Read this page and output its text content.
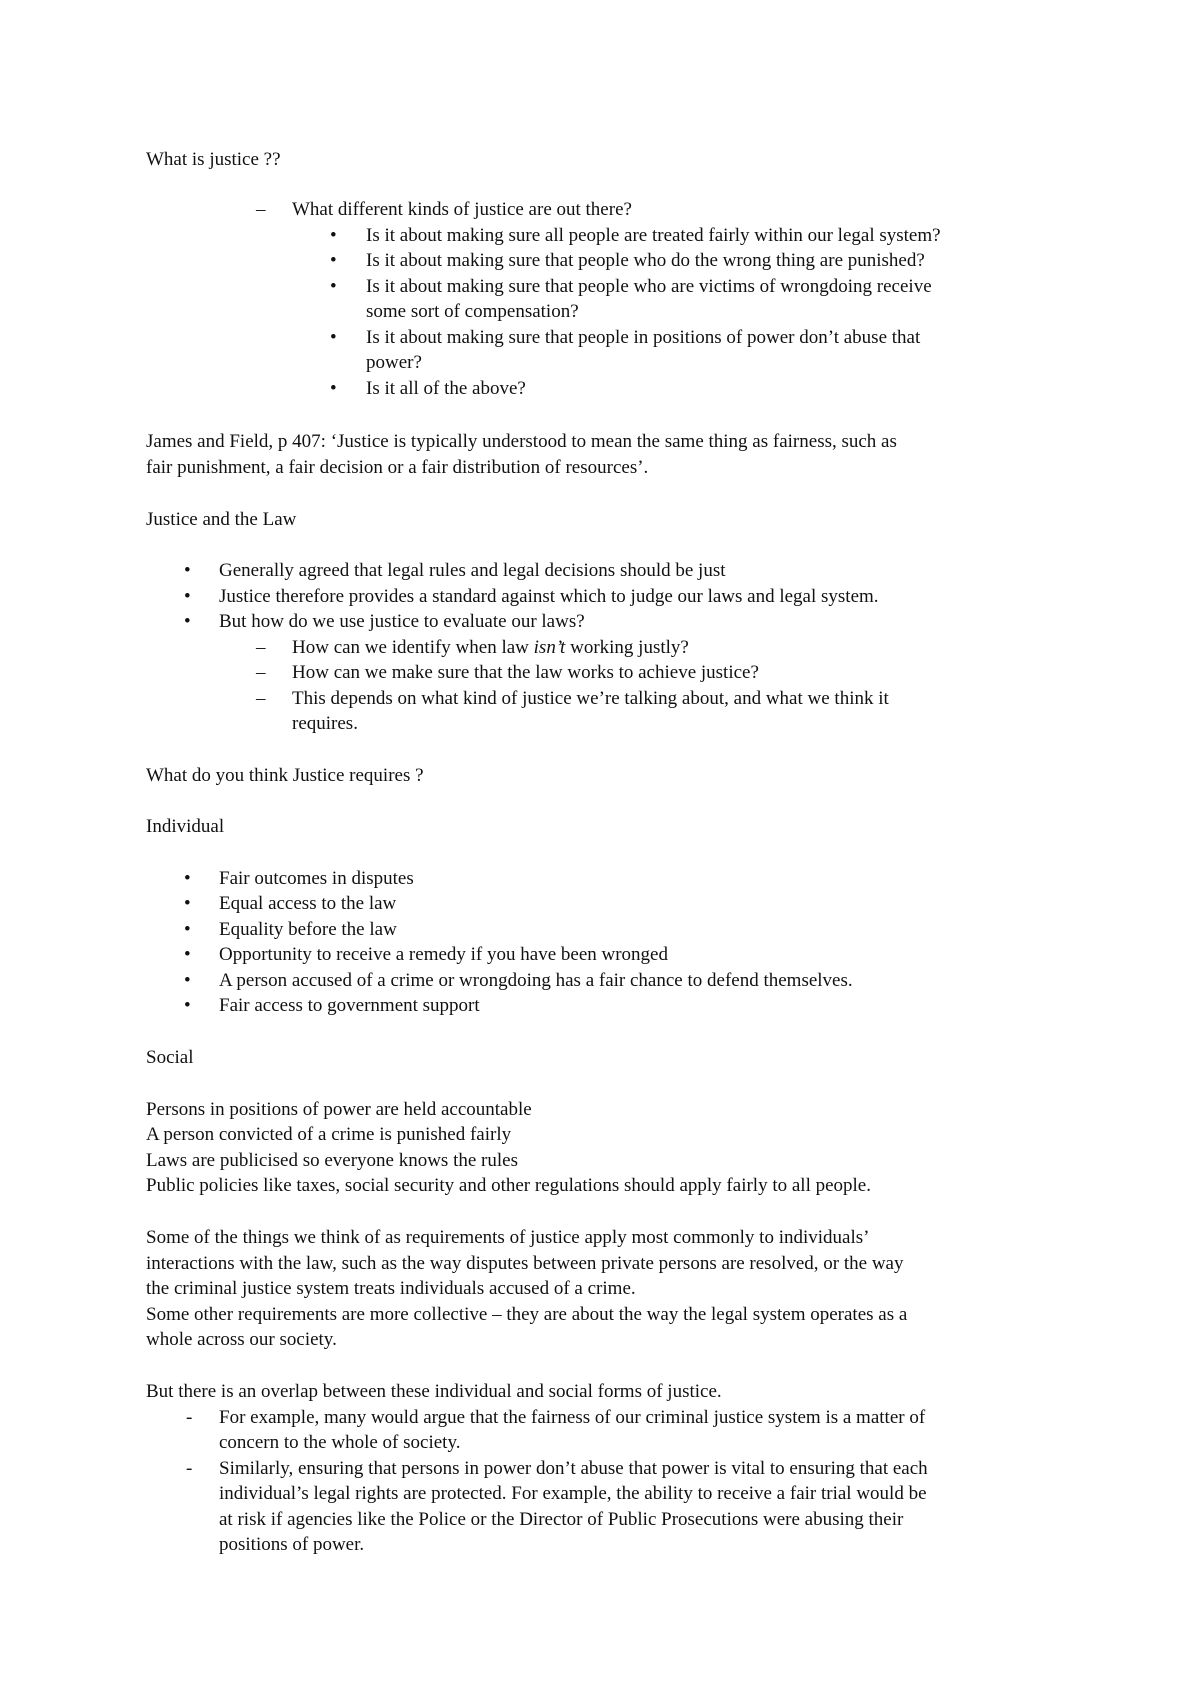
What is justice ??
– What different kinds of justice are out there?
• Is it about making sure all people are treated fairly within our legal system?
• Is it about making sure that people who do the wrong thing are punished?
• Is it about making sure that people who are victims of wrongdoing receive
some sort of compensation?
• Is it about making sure that people in positions of power don’t abuse that
power?
• Is it all of the above?
James and Field, p 407: ‘Justice is typically understood to mean the same thing as fairness, such as
fair punishment, a fair decision or a fair distribution of resources’.
Justice and the Law
• Generally agreed that legal rules and legal decisions should be just
• Justice therefore provides a standard against which to judge our laws and legal system.
• But how do we use justice to evaluate our laws?
– How can we identify when law isn’t working justly?
– How can we make sure that the law works to achieve justice?
– This depends on what kind of justice we’re talking about, and what we think it
requires.
What do you think Justice requires ?
Individual
• Fair outcomes in disputes
• Equal access to the law
• Equality before the law
• Opportunity to receive a remedy if you have been wronged
• A person accused of a crime or wrongdoing has a fair chance to defend themselves.
• Fair access to government support
Social
Persons in positions of power are held accountable
A person convicted of a crime is punished fairly
Laws are publicised so everyone knows the rules
Public policies like taxes, social security and other regulations should apply fairly to all people.
Some of the things we think of as requirements of justice apply most commonly to individuals’
interactions with the law, such as the way disputes between private persons are resolved, or the way
the criminal justice system treats individuals accused of a crime.
Some other requirements are more collective – they are about the way the legal system operates as a
whole across our society.
But there is an overlap between these individual and social forms of justice.
- For example, many would argue that the fairness of our criminal justice system is a matter of
concern to the whole of society.
- Similarly, ensuring that persons in power don’t abuse that power is vital to ensuring that each
individual’s legal rights are protected. For example, the ability to receive a fair trial would be
at risk if agencies like the Police or the Director of Public Prosecutions were abusing their
positions of power.
